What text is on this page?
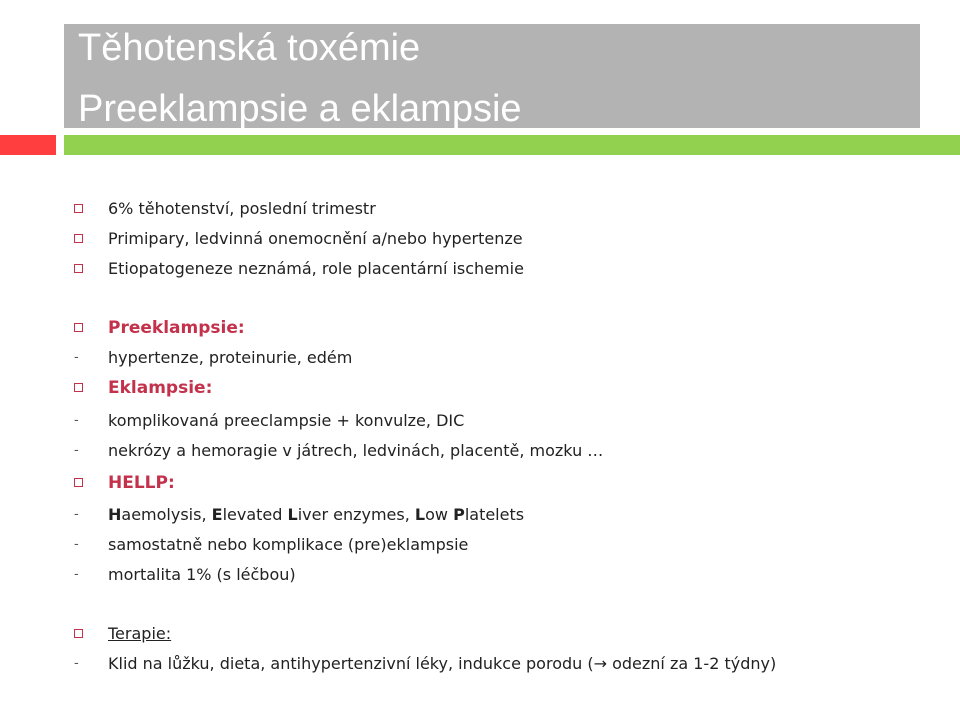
Těhotenská toxémie
Preeklampsie a eklampsie
6% těhotenství, poslední trimestr
Primipary, ledvinná onemocnění a/nebo hypertenze
Etiopatogeneze neznámá, role placentární ischemie
Preeklampsie:
- hypertenze, proteinurie, edém
Eklampsie:
- komplikovaná preeclampsie + konvulze, DIC
- nekrózy a hemoragie v játrech, ledvinách, placentě, mozku …
HELLP:
- Haemolysis, Elevated Liver enzymes, Low Platelets
- samostatně nebo komplikace (pre)eklampsie
- mortalita 1% (s léčbou)
Terapie:
- Klid na lůžku, dieta, antihypertenzivní léky, indukce porodu (→ odezní za 1-2 týdny)
